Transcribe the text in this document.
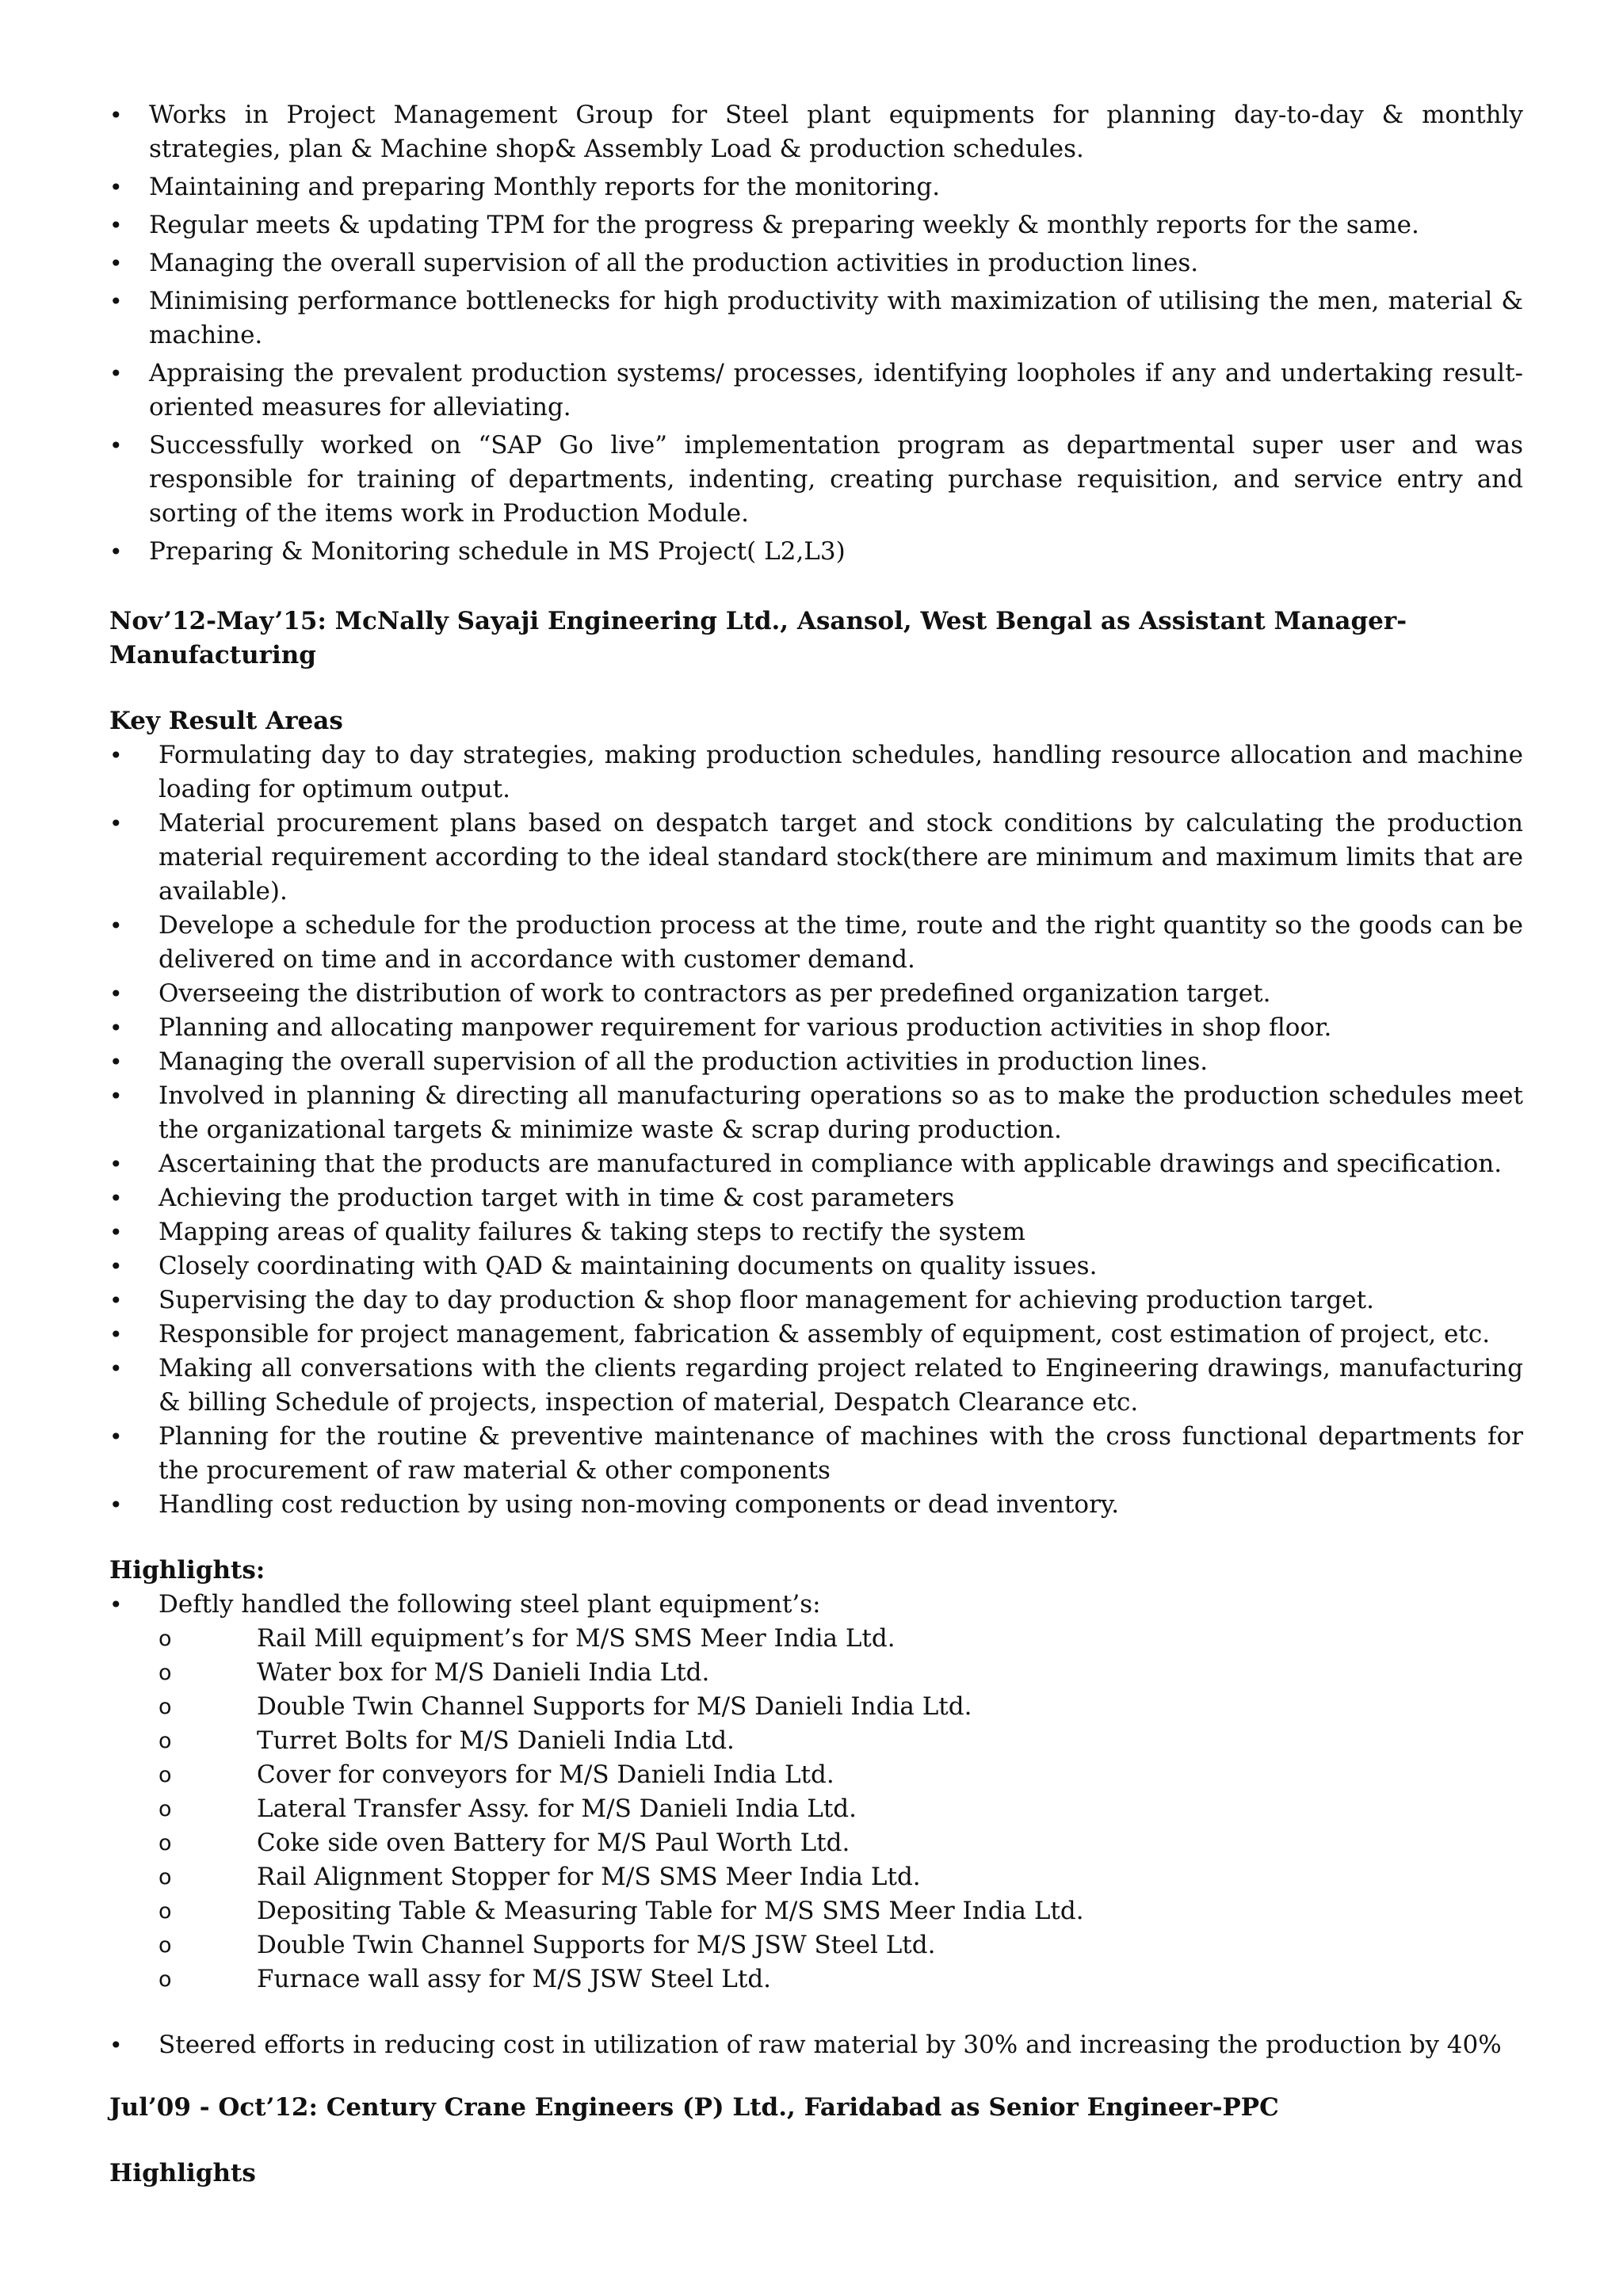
• Works in Project Management Group for Steel plant equipments for planning day-to-day & monthly strategies, plan & Machine shop& Assembly Load & production schedules.
• Maintaining and preparing Monthly reports for the monitoring.
• Regular meets & updating TPM for the progress & preparing weekly & monthly reports for the same.
• Managing the overall supervision of all the production activities in production lines.
• Minimising performance bottlenecks for high productivity with maximization of utilising the men, material & machine.
• Appraising the prevalent production systems/ processes, identifying loopholes if any and undertaking result-oriented measures for alleviating.
• Successfully worked on “SAP Go live” implementation program as departmental super user and was responsible for training of departments, indenting, creating purchase requisition, and service entry and sorting of the items work in Production Module.
• Preparing & Monitoring schedule in MS Project( L2,L3)

Nov’12-May’15: McNally Sayaji Engineering Ltd., Asansol, West Bengal as Assistant Manager-Manufacturing

Key Result Areas

• Formulating day to day strategies, making production schedules, handling resource allocation and machine loading for optimum output.
• Material procurement plans based on despatch target and stock conditions by calculating the production material requirement according to the ideal standard stock(there are minimum and maximum limits that are available).
• Develope a schedule for the production process at the time, route and the right quantity so the goods can be delivered on time and in accordance with customer demand.
• Overseeing the distribution of work to contractors as per predefined organization target.
• Planning and allocating manpower requirement for various production activities in shop floor.
• Managing the overall supervision of all the production activities in production lines.
• Involved in planning & directing all manufacturing operations so as to make the production schedules meet the organizational targets & minimize waste & scrap during production.
• Ascertaining that the products are manufactured in compliance with applicable drawings and specification.
• Achieving the production target with in time & cost parameters
• Mapping areas of quality failures & taking steps to rectify the system
• Closely coordinating with QAD & maintaining documents on quality issues.
• Supervising the day to day production & shop floor management for achieving production target.
• Responsible for project management, fabrication & assembly of equipment, cost estimation of project, etc.
• Making all conversations with the clients regarding project related to Engineering drawings, manufacturing & billing Schedule of projects, inspection of material, Despatch Clearance etc.
• Planning for the routine & preventive maintenance of machines with the cross functional departments for the procurement of raw material & other components
• Handling cost reduction by using non-moving components or dead inventory.

Highlights:

• Deftly handled the following steel plant equipment’s:
o Rail Mill equipment’s for M/S SMS Meer India Ltd.
o Water box for M/S Danieli India Ltd.
o Double Twin Channel Supports for M/S Danieli India Ltd.
o Turret Bolts for M/S Danieli India Ltd.
o Cover for conveyors for M/S Danieli India Ltd.
o Lateral Transfer Assy. for M/S Danieli India Ltd.
o Coke side oven Battery for M/S Paul Worth Ltd.
o Rail Alignment Stopper for M/S SMS Meer India Ltd.
o Depositing Table & Measuring Table for M/S SMS Meer India Ltd.
o Double Twin Channel Supports for M/S JSW Steel Ltd.
o Furnace wall assy for M/S JSW Steel Ltd.
• Steered efforts in reducing cost in utilization of raw material by 30% and increasing the production by 40%

Jul’09 - Oct’12: Century Crane Engineers (P) Ltd., Faridabad as Senior Engineer-PPC

Highlights
